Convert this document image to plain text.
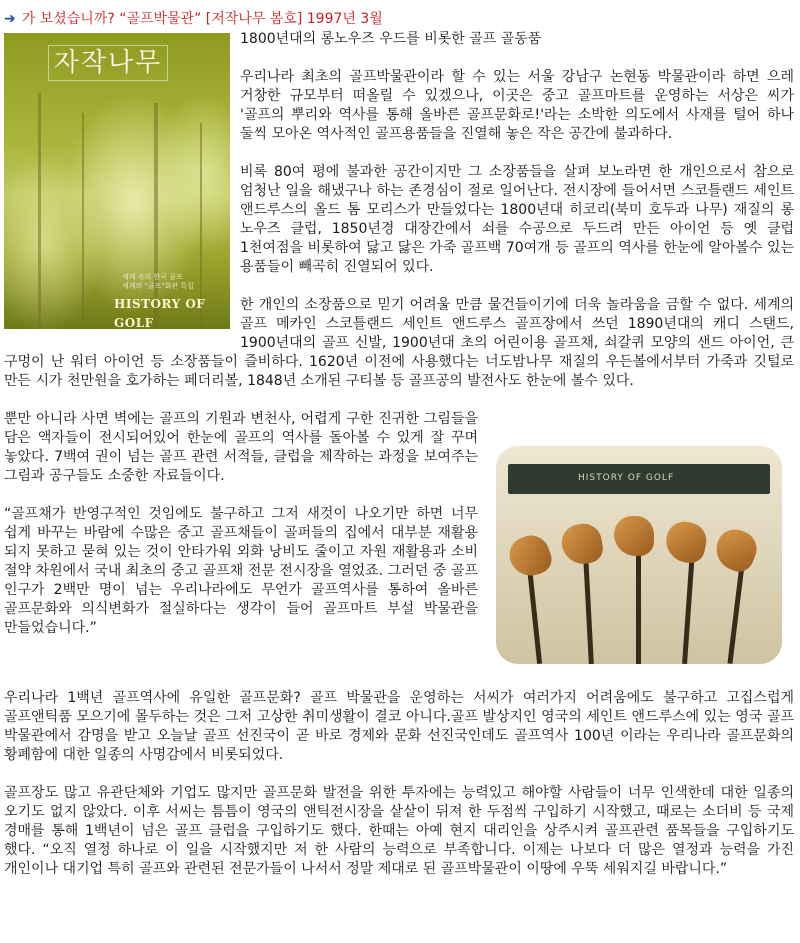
➜ 가 보셨습니까? “골프박물관” [저작나무 봄호] 1997년 3월
자작나무
세계 속의 한국 골프
세계의 "골프"회관 특집
HISTORY OF GOLF

1800년대의 롱노우즈 우드를 비롯한 골프 골동품

우리나라 최초의 골프박물관이라 할 수 있는 서울 강남구 논현동 박물관이라 하면 으레 거창한 규모부터 떠올릴 수 있겠으나, 이곳은 중고 골프마트를 운영하는 서상은 씨가 '골프의 뿌리와 역사를 통해 올바른 골프문화로!'라는 소박한 의도에서 사재를 털어 하나 둘씩 모아온 역사적인 골프용품들을 진열해 놓은 작은 공간에 불과하다.

비록 80여 평에 불과한 공간이지만 그 소장품들을 살펴 보노라면 한 개인으로서 참으로 엄청난 일을 해냈구나 하는 존경심이 절로 일어난다. 전시장에 들어서면 스코틀랜드 세인트 앤드루스의 올드 톰 모리스가 만들었다는 1800년대 히코리(북미 호두과 나무) 재질의 롱 노우즈 클럽, 1850년경 대장간에서 쇠를 수공으로 두드려 만든 아이언 등 옛 클럽 1천여점을 비롯하여 닳고 닳은 가죽 골프백 70여개 등 골프의 역사를 한눈에 알아볼수 있는 용품들이 빼곡히 진열되어 있다.

한 개인의 소장품으로 믿기 어려울 만큼 물건들이기에 더욱 놀라움을 금할 수 없다. 세계의 골프 메카인 스코틀랜드 세인트 앤드루스 골프장에서 쓰던 1890년대의 캐디 스탠드, 1900년대의 골프 신발, 1900년대 초의 어린이용 골프채, 쇠갈퀴 모양의 샌드 아이언, 큰 구멍이 난 워터 아이언 등 소장품들이 즐비하다. 1620년 이전에 사용했다는 너도밤나무 재질의 우든볼에서부터 가죽과 깃털로 만든 시가 천만원을 호가하는 페더리볼, 1848년 소개된 구티볼 등 골프공의 발전사도 한눈에 볼수 있다.

HISTORY OF GOLF

뿐만 아니라 사면 벽에는 골프의 기원과 변천사, 어렵게 구한 진귀한 그림들을 담은 액자들이 전시되어있어 한눈에 골프의 역사를 돌아볼 수 있게 잘 꾸며 놓았다. 7백여 권이 넘는 골프 관련 서적들, 클럽을 제작하는 과정을 보여주는 그림과 공구들도 소중한 자료들이다.

“골프채가 반영구적인 것임에도 불구하고 그저 새것이 나오기만 하면 너무 쉽게 바꾸는 바람에 수많은 중고 골프채들이 골퍼들의 집에서 대부분 재활용 되지 못하고 묻혀 있는 것이 안타가워 외화 낭비도 줄이고 자원 재활용과 소비 절약 차원에서 국내 최초의 중고 골프채 전문 전시장을 열었죠. 그러던 중 골프 인구가 2백만 명이 넘는 우리나라에도 무언가 골프역사를 통하여 올바른 골프문화와 의식변화가 절실하다는 생각이 들어 골프마트 부설 박물관을 만들었습니다.”

우리나라 1백년 골프역사에 유일한 골프문화? 골프 박물관을 운영하는 서씨가 여러가지 어려움에도 불구하고 고집스럽게 골프앤틱품 모으기에 몰두하는 것은 그저 고상한 취미생활이 결코 아니다.골프 발상지인 영국의 세인트 앤드루스에 있는 영국 골프 박물관에서 감명을 받고 오늘날 골프 선진국이 곧 바로 경제와 문화 선진국인데도 골프역사 100년 이라는 우리나라 골프문화의 황폐함에 대한 일종의 사명감에서 비롯되었다.

골프장도 많고 유관단체와 기업도 많지만 골프문화 발전을 위한 투자에는 능력있고 해야할 사람들이 너무 인색한데 대한 일종의 오기도 없지 않았다. 이후 서씨는 틈틈이 영국의 앤틱전시장을 샅샅이 뒤져 한 두점씩 구입하기 시작했고, 때로는 소더비 등 국제 경매를 통해 1백년이 넘은 골프 클럽을 구입하기도 했다. 한때는 아예 현지 대리인을 상주시켜 골프관련 품목들을 구입하기도 했다. “오직 열정 하나로 이 일을 시작했지만 저 한 사람의 능력으로 부족합니다. 이제는 나보다 더 많은 열정과 능력을 가진 개인이나 대기업 특히 골프와 관련된 전문가들이 나서서 정말 제대로 된 골프박물관이 이땅에 우뚝 세워지길 바랍니다.”
